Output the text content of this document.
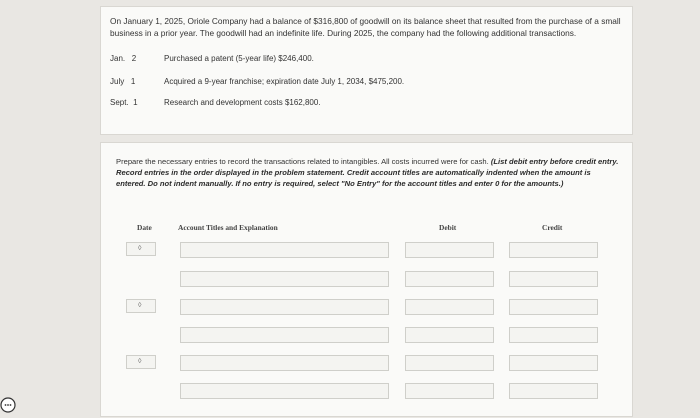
On January 1, 2025, Oriole Company had a balance of $316,800 of goodwill on its balance sheet that resulted from the purchase of a small business in a prior year. The goodwill had an indefinite life. During 2025, the company had the following additional transactions.
Jan.   2	Purchased a patent (5-year life) $246,400.
July   1	Acquired a 9-year franchise; expiration date July 1, 2034, $475,200.
Sept.  1	Research and development costs $162,800.
Prepare the necessary entries to record the transactions related to intangibles. All costs incurred were for cash. (List debit entry before credit entry. Record entries in the order displayed in the problem statement. Credit account titles are automatically indented when the amount is entered. Do not indent manually. If no entry is required, select "No Entry" for the account titles and enter 0 for the amounts.)
Date	Account Titles and Explanation	Debit	Credit
◊
◊
◊
